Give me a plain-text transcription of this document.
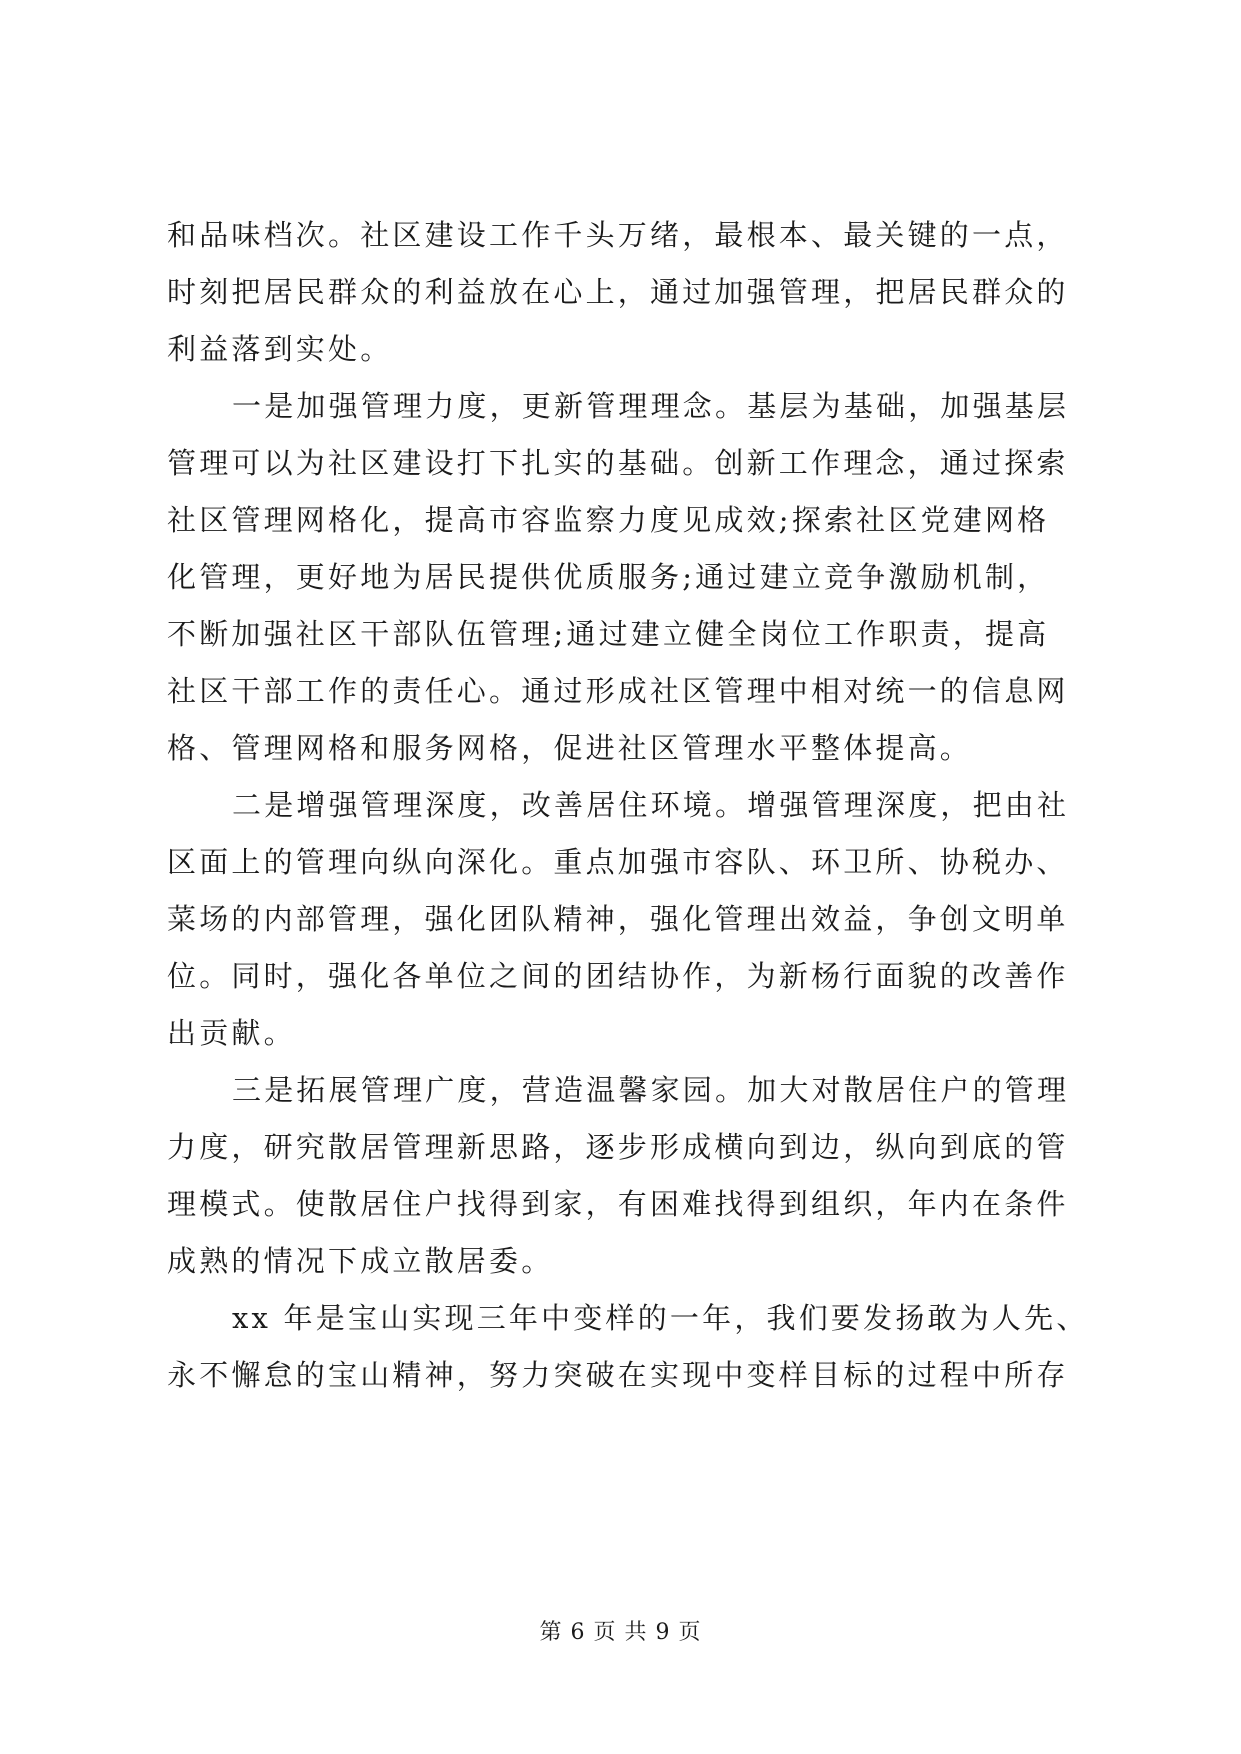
和品味档次。社区建设工作千头万绪，最根本、最关键的一点，
时刻把居民群众的利益放在心上，通过加强管理，把居民群众的
利益落到实处。
一是加强管理力度，更新管理理念。基层为基础，加强基层
管理可以为社区建设打下扎实的基础。创新工作理念，通过探索
社区管理网格化，提高市容监察力度见成效;探索社区党建网格
化管理，更好地为居民提供优质服务;通过建立竞争激励机制，
不断加强社区干部队伍管理;通过建立健全岗位工作职责，提高
社区干部工作的责任心。通过形成社区管理中相对统一的信息网
格、管理网格和服务网格，促进社区管理水平整体提高。
二是增强管理深度，改善居住环境。增强管理深度，把由社
区面上的管理向纵向深化。重点加强市容队、环卫所、协税办、
菜场的内部管理，强化团队精神，强化管理出效益，争创文明单
位。同时，强化各单位之间的团结协作，为新杨行面貌的改善作
出贡献。
三是拓展管理广度，营造温馨家园。加大对散居住户的管理
力度，研究散居管理新思路，逐步形成横向到边，纵向到底的管
理模式。使散居住户找得到家，有困难找得到组织，年内在条件
成熟的情况下成立散居委。
xx 年是宝山实现三年中变样的一年，我们要发扬敢为人先、
永不懈怠的宝山精神，努力突破在实现中变样目标的过程中所存
第 6 页 共 9 页
